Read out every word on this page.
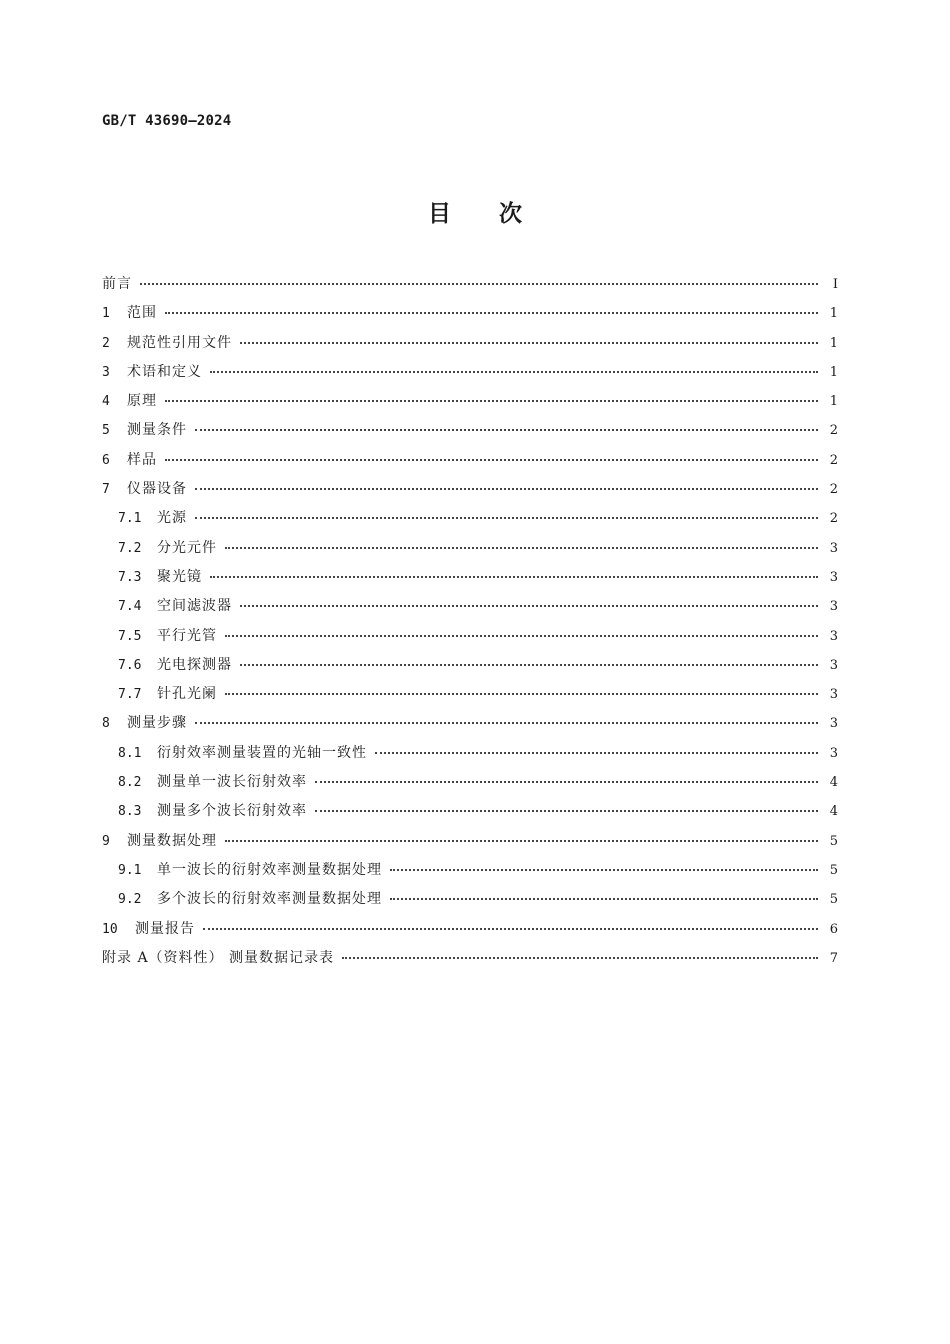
GB/T 43690—2024
目次
前言	Ⅰ
1	范围	1
2	规范性引用文件	1
3	术语和定义	1
4	原理	1
5	测量条件	2
6	样品	2
7	仪器设备	2
7.1	光源	2
7.2	分光元件	3
7.3	聚光镜	3
7.4	空间滤波器	3
7.5	平行光管	3
7.6	光电探测器	3
7.7	针孔光阑	3
8	测量步骤	3
8.1	衍射效率测量装置的光轴一致性	3
8.2	测量单一波长衍射效率	4
8.3	测量多个波长衍射效率	4
9	测量数据处理	5
9.1	单一波长的衍射效率测量数据处理	5
9.2	多个波长的衍射效率测量数据处理	5
10	测量报告	6
附录 A（资料性） 测量数据记录表	7
